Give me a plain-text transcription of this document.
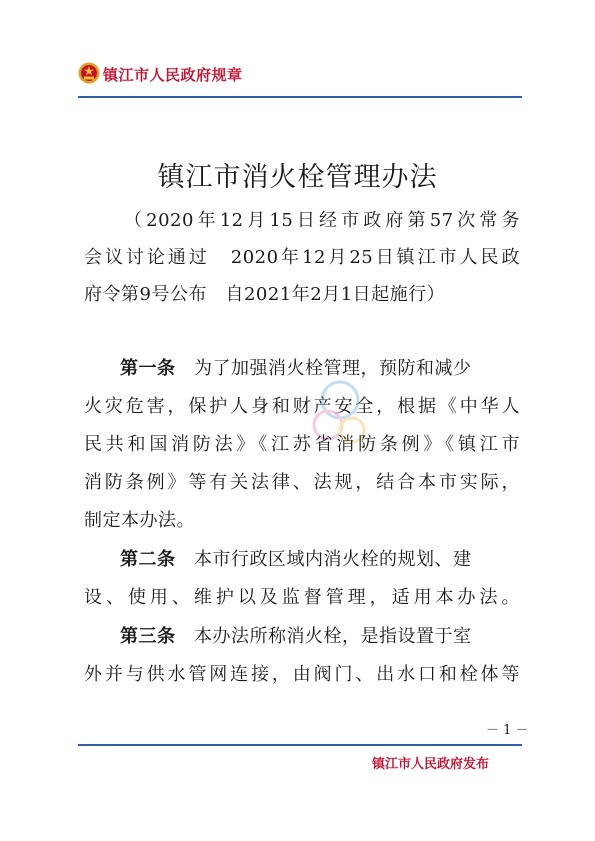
镇江市人民政府规章
镇江市消火栓管理办法
（2020年12月15日经市政府第57次常务
会议讨论通过　2020年12月25日镇江市人民政
府令第9号公布　自2021年2月1日起施行）
第一条　 为了加强消火栓管理，预防和减少
火灾危害，保护人身和财产安全，根据《中华人
民共和国消防法》《江苏省消防条例》《镇江市
消防条例》等有关法律、法规，结合本市实际，
制定本办法。
第二条　 本市行政区域内消火栓的规划、建
设、使用、维护以及监督管理，适用本办法。
第三条　 本办法所称消火栓，是指设置于室
外并与供水管网连接，由阀门、出水口和栓体等
－ 1 －
镇江市人民政府发布
